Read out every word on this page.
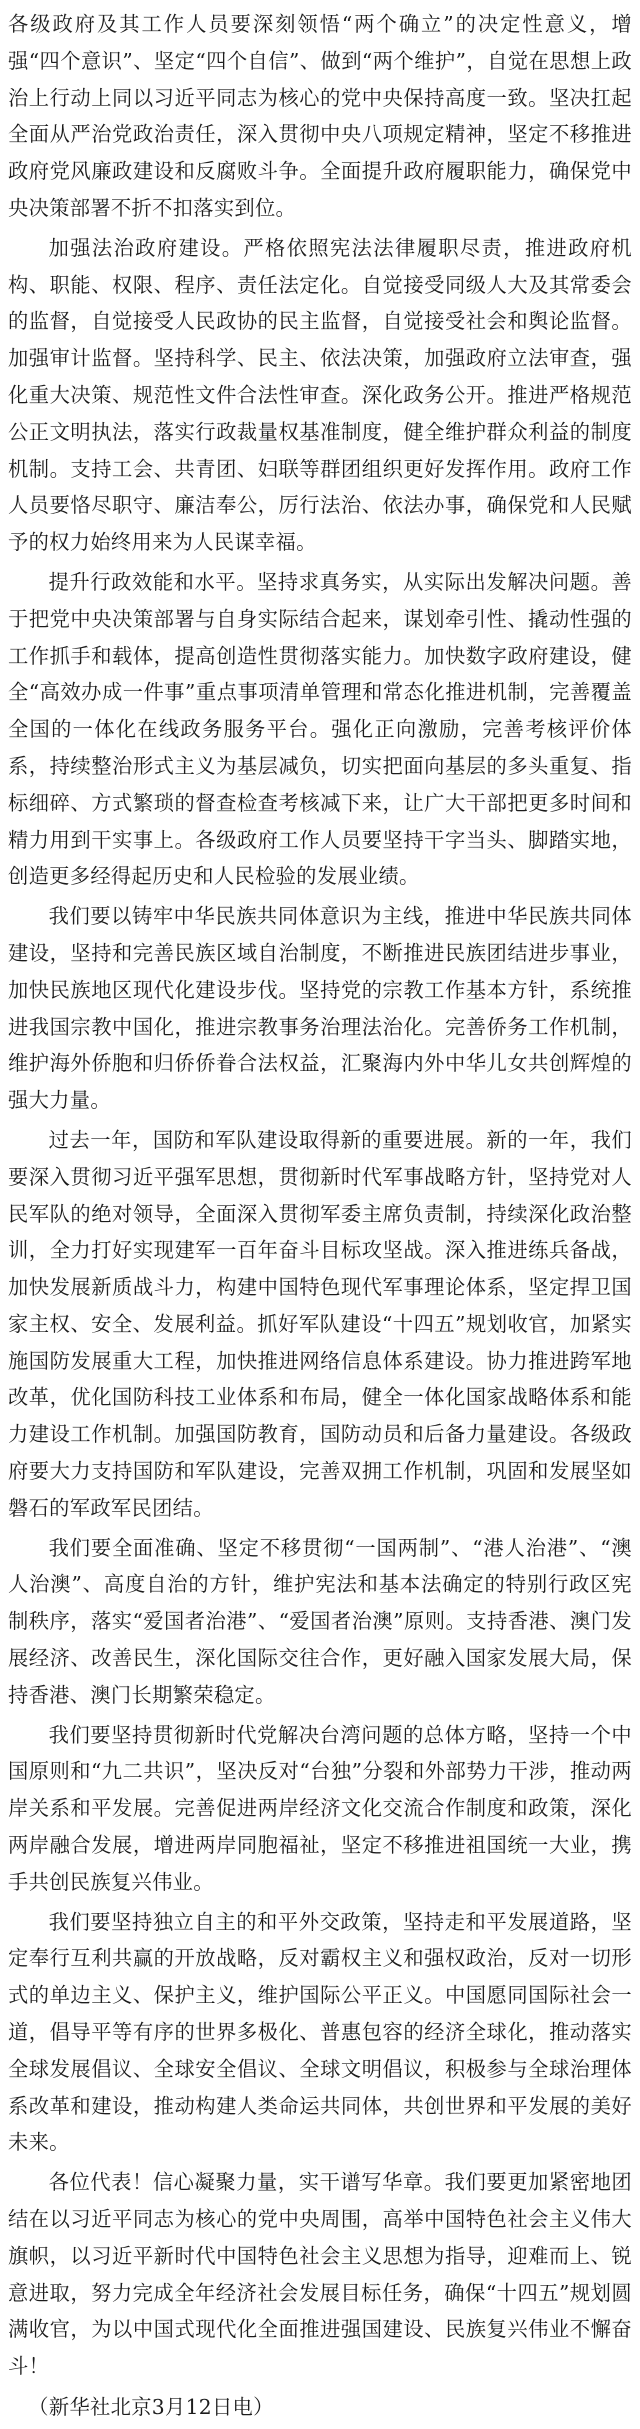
各级政府及其工作人员要深刻领悟“两个确立”的决定性意义，增强“四个意识”、坚定“四个自信”、做到“两个维护”，自觉在思想上政治上行动上同以习近平同志为核心的党中央保持高度一致。坚决扛起全面从严治党政治责任，深入贯彻中央八项规定精神，坚定不移推进政府党风廉政建设和反腐败斗争。全面提升政府履职能力，确保党中央决策部署不折不扣落实到位。

加强法治政府建设。严格依照宪法法律履职尽责，推进政府机构、职能、权限、程序、责任法定化。自觉接受同级人大及其常委会的监督，自觉接受人民政协的民主监督，自觉接受社会和舆论监督。加强审计监督。坚持科学、民主、依法决策，加强政府立法审查，强化重大决策、规范性文件合法性审查。深化政务公开。推进严格规范公正文明执法，落实行政裁量权基准制度，健全维护群众利益的制度机制。支持工会、共青团、妇联等群团组织更好发挥作用。政府工作人员要恪尽职守、廉洁奉公，厉行法治、依法办事，确保党和人民赋予的权力始终用来为人民谋幸福。

提升行政效能和水平。坚持求真务实，从实际出发解决问题。善于把党中央决策部署与自身实际结合起来，谋划牵引性、撬动性强的工作抓手和载体，提高创造性贯彻落实能力。加快数字政府建设，健全“高效办成一件事”重点事项清单管理和常态化推进机制，完善覆盖全国的一体化在线政务服务平台。强化正向激励，完善考核评价体系，持续整治形式主义为基层减负，切实把面向基层的多头重复、指标细碎、方式繁琐的督查检查考核减下来，让广大干部把更多时间和精力用到干实事上。各级政府工作人员要坚持干字当头、脚踏实地，创造更多经得起历史和人民检验的发展业绩。

我们要以铸牢中华民族共同体意识为主线，推进中华民族共同体建设，坚持和完善民族区域自治制度，不断推进民族团结进步事业，加快民族地区现代化建设步伐。坚持党的宗教工作基本方针，系统推进我国宗教中国化，推进宗教事务治理法治化。完善侨务工作机制，维护海外侨胞和归侨侨眷合法权益，汇聚海内外中华儿女共创辉煌的强大力量。

过去一年，国防和军队建设取得新的重要进展。新的一年，我们要深入贯彻习近平强军思想，贯彻新时代军事战略方针，坚持党对人民军队的绝对领导，全面深入贯彻军委主席负责制，持续深化政治整训，全力打好实现建军一百年奋斗目标攻坚战。深入推进练兵备战，加快发展新质战斗力，构建中国特色现代军事理论体系，坚定捍卫国家主权、安全、发展利益。抓好军队建设“十四五”规划收官，加紧实施国防发展重大工程，加快推进网络信息体系建设。协力推进跨军地改革，优化国防科技工业体系和布局，健全一体化国家战略体系和能力建设工作机制。加强国防教育，国防动员和后备力量建设。各级政府要大力支持国防和军队建设，完善双拥工作机制，巩固和发展坚如磐石的军政军民团结。

我们要全面准确、坚定不移贯彻“一国两制”、“港人治港”、“澳人治澳”、高度自治的方针，维护宪法和基本法确定的特别行政区宪制秩序，落实“爱国者治港”、“爱国者治澳”原则。支持香港、澳门发展经济、改善民生，深化国际交往合作，更好融入国家发展大局，保持香港、澳门长期繁荣稳定。

我们要坚持贯彻新时代党解决台湾问题的总体方略，坚持一个中国原则和“九二共识”，坚决反对“台独”分裂和外部势力干涉，推动两岸关系和平发展。完善促进两岸经济文化交流合作制度和政策，深化两岸融合发展，增进两岸同胞福祉，坚定不移推进祖国统一大业，携手共创民族复兴伟业。

我们要坚持独立自主的和平外交政策，坚持走和平发展道路，坚定奉行互利共赢的开放战略，反对霸权主义和强权政治，反对一切形式的单边主义、保护主义，维护国际公平正义。中国愿同国际社会一道，倡导平等有序的世界多极化、普惠包容的经济全球化，推动落实全球发展倡议、全球安全倡议、全球文明倡议，积极参与全球治理体系改革和建设，推动构建人类命运共同体，共创世界和平发展的美好未来。

各位代表！信心凝聚力量，实干谱写华章。我们要更加紧密地团结在以习近平同志为核心的党中央周围，高举中国特色社会主义伟大旗帜，以习近平新时代中国特色社会主义思想为指导，迎难而上、锐意进取，努力完成全年经济社会发展目标任务，确保“十四五”规划圆满收官，为以中国式现代化全面推进强国建设、民族复兴伟业不懈奋斗！

（新华社北京3月12日电）
